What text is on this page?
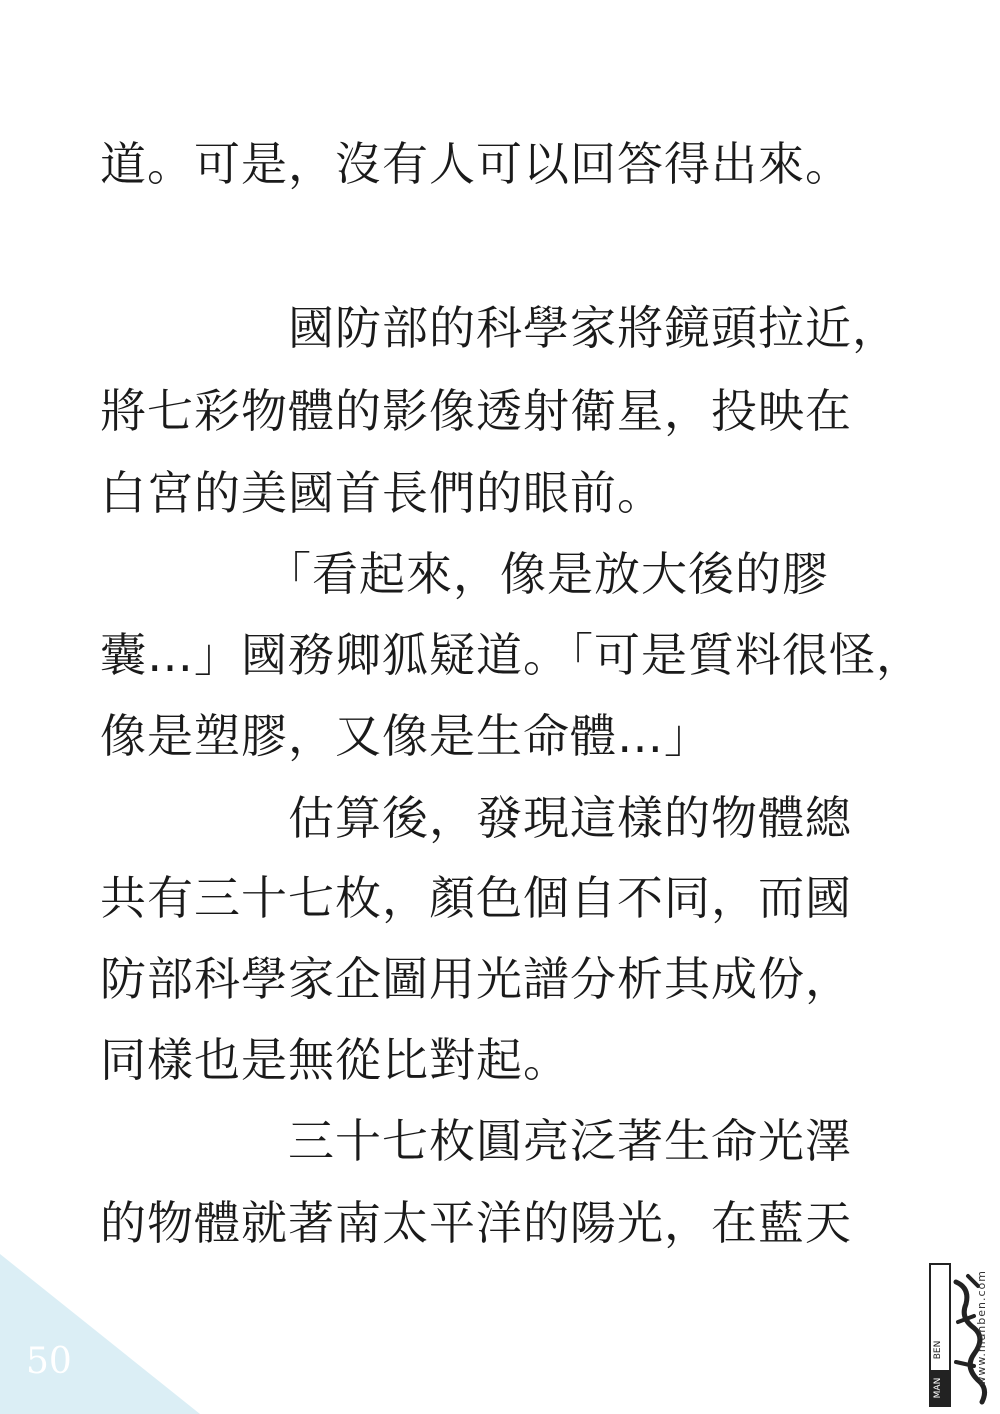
道。可是，沒有人可以回答得出來。
　　　　國防部的科學家將鏡頭拉近，
將七彩物體的影像透射衛星，投映在
白宮的美國首長們的眼前。
　　　　「看起來，像是放大後的膠
囊…」國務卿狐疑道。「可是質料很怪，
像是塑膠，又像是生命體…」
　　　　估算後，發現這樣的物體總
共有三十七枚，顏色個自不同，而國
防部科學家企圖用光譜分析其成份，
同樣也是無從比對起。
　　　　三十七枚圓亮泛著生命光澤
的物體就著南太平洋的陽光，在藍天
50
MAN
BEN	www.manben.com
